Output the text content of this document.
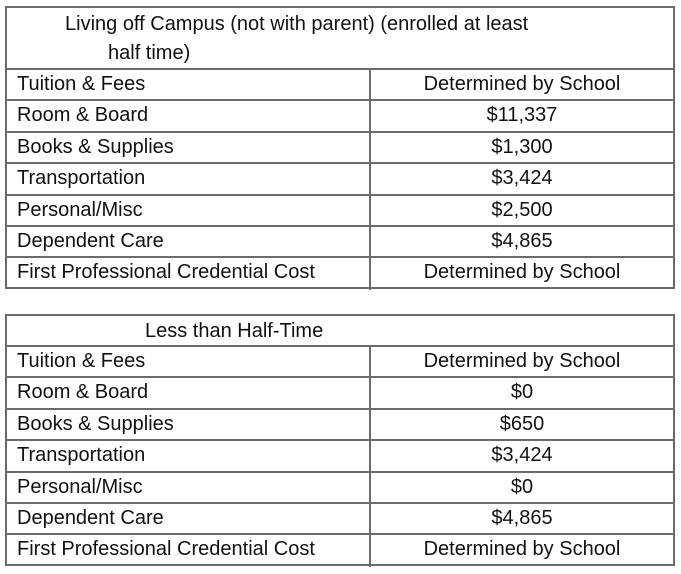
Living off Campus (not with parent) (enrolled at least
half time)
Tuition & Fees	Determined by School
Room & Board	$11,337
Books & Supplies	$1,300
Transportation	$3,424
Personal/Misc	$2,500
Dependent Care	$4,865
First Professional Credential Cost	Determined by School
Less than Half-Time
Tuition & Fees	Determined by School
Room & Board	$0
Books & Supplies	$650
Transportation	$3,424
Personal/Misc	$0
Dependent Care	$4,865
First Professional Credential Cost	Determined by School
